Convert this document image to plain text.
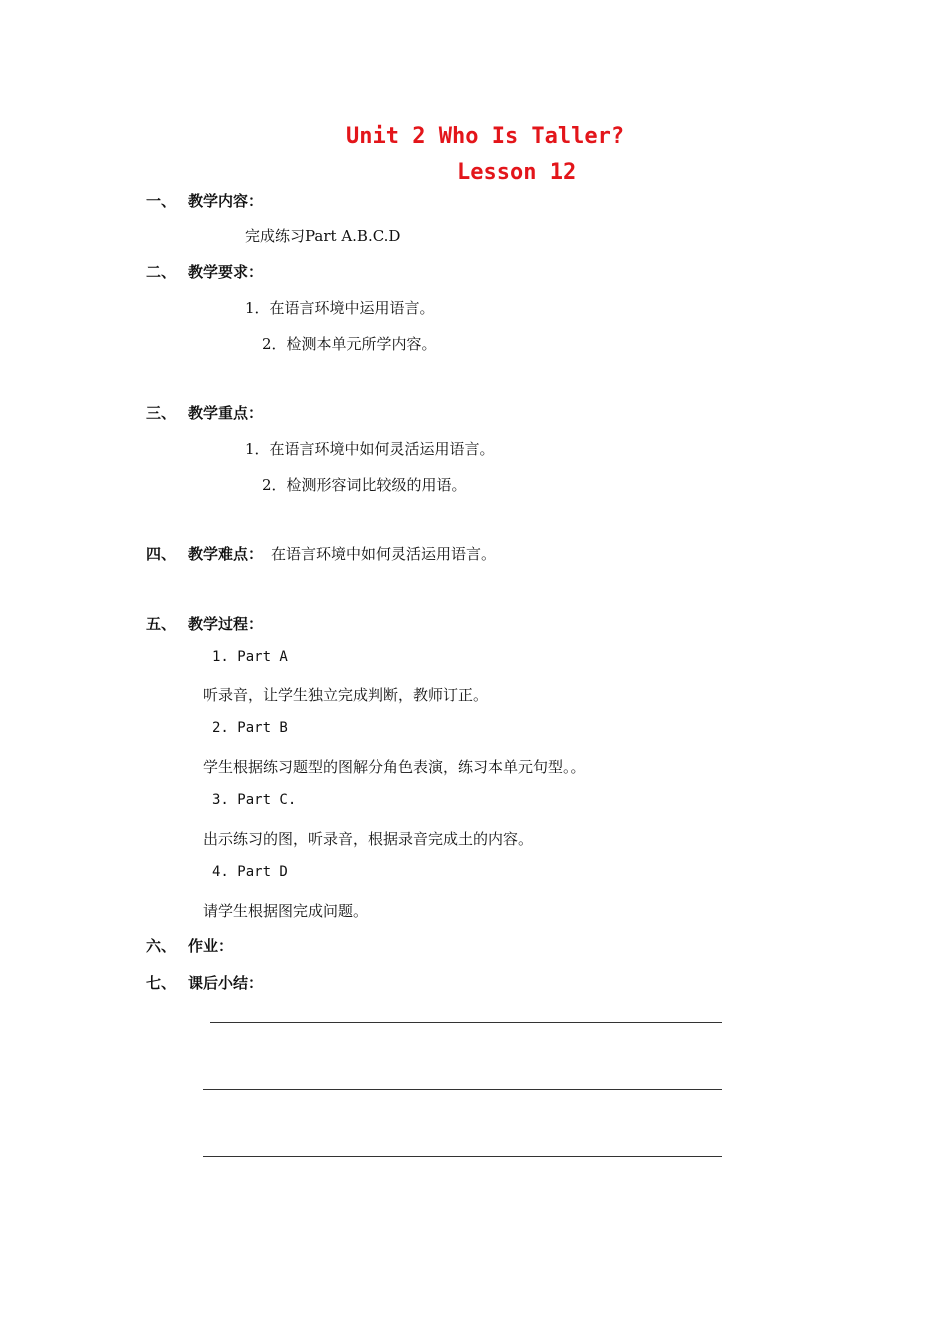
Unit 2 Who Is Taller?
Lesson 12
一、 教学内容：
完成练习Part A.B.C.D
二、 教学要求：
1．在语言环境中运用语言。
2．检测本单元所学内容。
三、 教学重点：
1．在语言环境中如何灵活运用语言。
2．检测形容词比较级的用语。
四、 教学难点： 在语言环境中如何灵活运用语言。
五、 教学过程：
1. Part A
听录音，让学生独立完成判断，教师订正。
2. Part B
学生根据练习题型的图解分角色表演，练习本单元句型。。
3. Part C.
出示练习的图，听录音，根据录音完成土的内容。
4. Part D
请学生根据图完成问题。
六、 作业：
七、 课后小结：
